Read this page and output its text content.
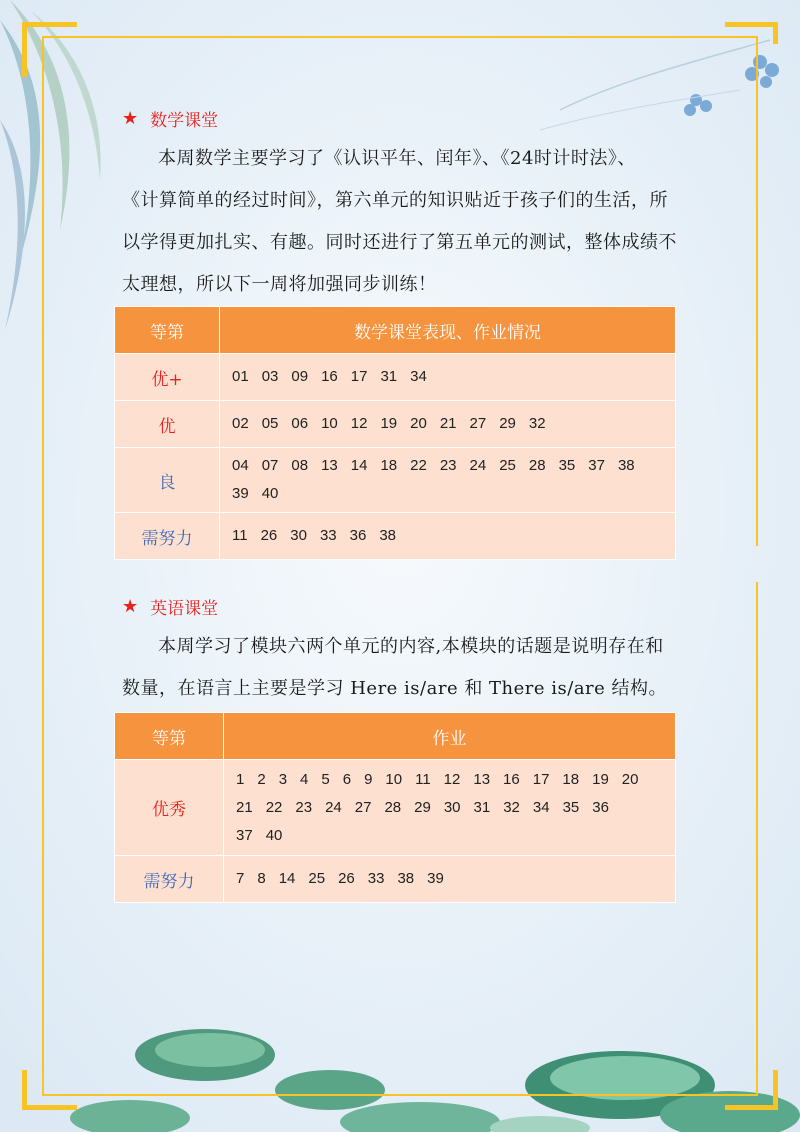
★ 数学课堂
本周数学主要学习了《认识平年、闰年》、《24时计时法》、
《计算简单的经过时间》，第六单元的知识贴近于孩子们的生活，所
以学得更加扎实、有趣。同时还进行了第五单元的测试，整体成绩不
太理想，所以下一周将加强同步训练！
等第	数学课堂表现、作业情况
优+	01 03 09 16 17 31 34

优	02 05 06 10 12 19 20 21 27 29 32

良	04 07 08 13 14 18 22 23 24 25 28 35 37 38
39 40

需努力	11 26 30 33 36 38
★ 英语课堂
本周学习了模块六两个单元的内容,本模块的话题是说明存在和
数量，在语言上主要是学习 Here is/are 和 There is/are 结构。
等第	作业
优秀	1 2 3 4 5 6 9 10 11 12 13 16 17 18 19 20
21 22 23 24 27 28 29 30 31 32 34 35 36
37 40

需努力	7 8 14 25 26 33 38 39
